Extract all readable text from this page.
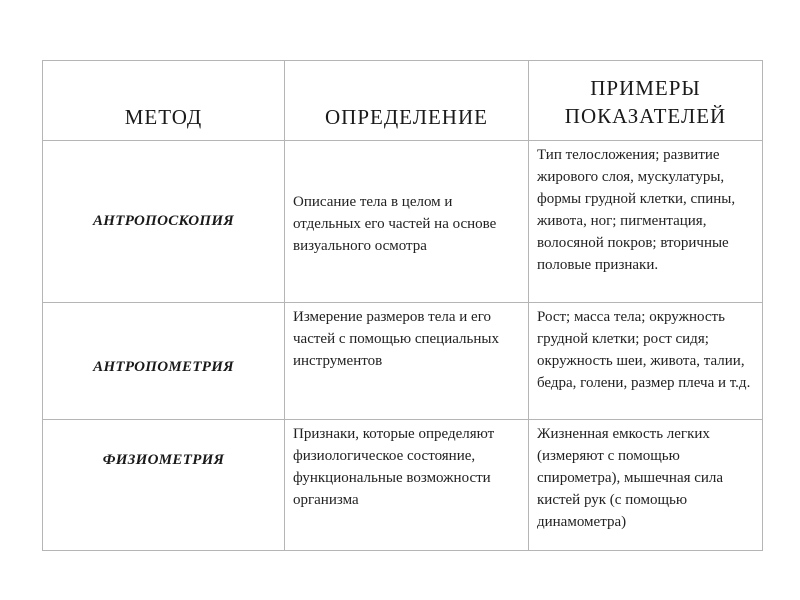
МЕТОД	ОПРЕДЕЛЕНИЕ	ПРИМЕРЫ ПОКАЗАТЕЛЕЙ
АНТРОПОСКОПИЯ	Описание тела в целом и отдельных его частей на основе визуального осмотра	Тип телосложения; развитие жирового слоя, мускулатуры, формы грудной клетки, спины, живота, ног; пигментация, волосяной покров; вторичные половые признаки.
АНТРОПОМЕТРИЯ	Измерение размеров тела и его частей с помощью специальных инструментов	Рост; масса тела; окружность грудной клетки; рост сидя; окружность шеи, живота, талии, бедра, голени, размер плеча и т.д.
ФИЗИОМЕТРИЯ	Признаки, которые определяют физиологическое состояние, функциональные возможности организма	Жизненная емкость легких (измеряют с помощью спирометра), мышечная сила кистей рук (с помощью динамометра)
